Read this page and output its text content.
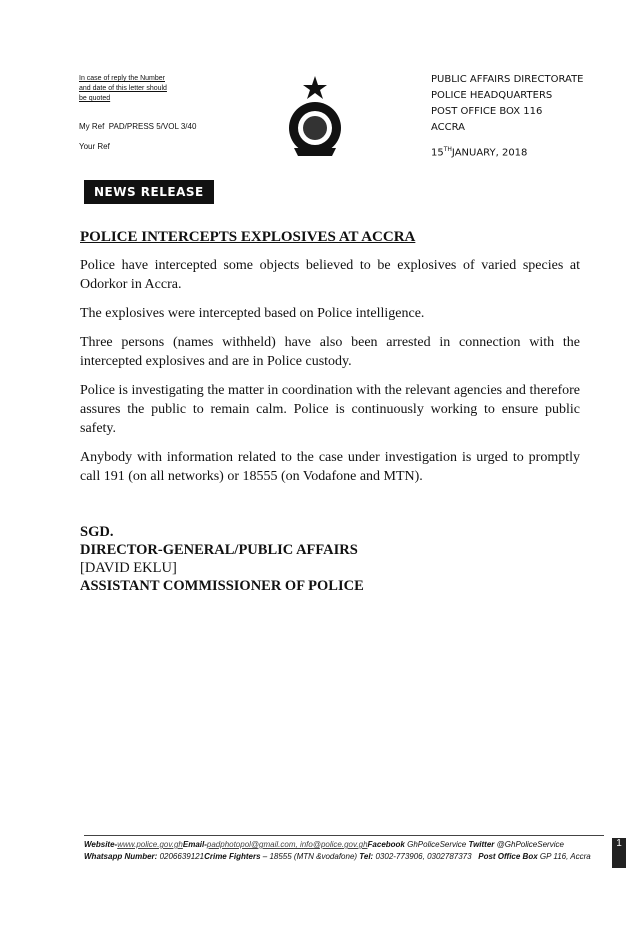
In case of reply the Number and date of this letter should be quoted
My Ref PAD/PRESS 5/VOL 3/40
Your Ref
PUBLIC AFFAIRS DIRECTORATE
POLICE HEADQUARTERS
POST OFFICE BOX 116
ACCRA
15THJANUARY, 2018
NEWS RELEASE
POLICE INTERCEPTS EXPLOSIVES AT ACCRA

Police have intercepted some objects believed to be explosives of varied species at Odorkor in Accra.

The explosives were intercepted based on Police intelligence.

Three persons (names withheld) have also been arrested in connection with the intercepted explosives and are in Police custody.

Police is investigating the matter in coordination with the relevant agencies and therefore assures the public to remain calm. Police is continuously working to ensure public safety.

Anybody with information related to the case under investigation is urged to promptly call 191 (on all networks) or 18555 (on Vodafone and MTN).

SGD.
DIRECTOR-GENERAL/PUBLIC AFFAIRS
[DAVID EKLU]
ASSISTANT COMMISSIONER OF POLICE
Website-www.police.gov.ghEmail-padphotopol@gmail.com, info@police.gov.ghFacebook GhPoliceService Twitter @GhPoliceService Whatsapp Number: 0206639121Crime Fighters – 18555 (MTN &vodafone) Tel: 0302-773906, 0302787373 Post Office Box GP 116, Accra
1
